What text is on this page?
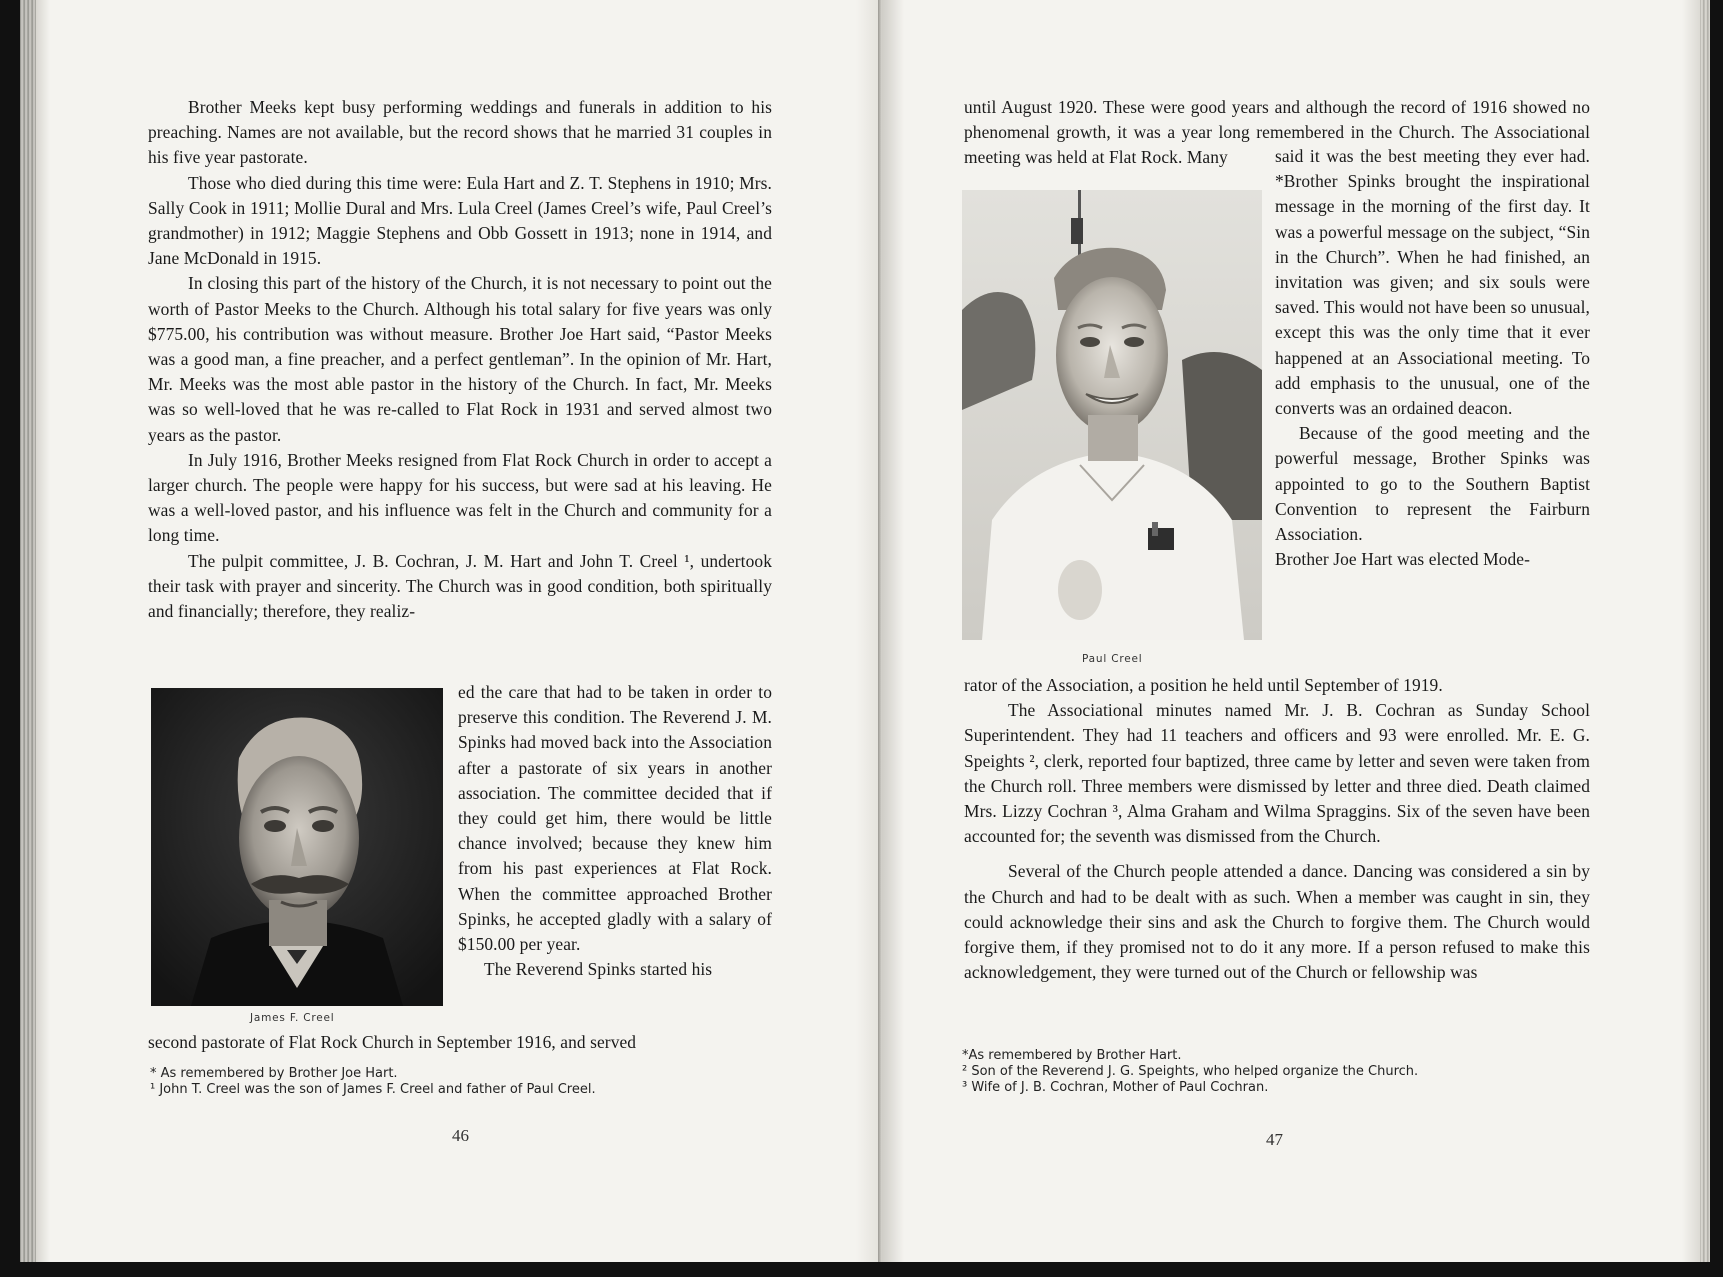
Brother Meeks kept busy performing weddings and funerals in addition to his preaching. Names are not available, but the record shows that he married 31 couples in his five year pastorate.

Those who died during this time were: Eula Hart and Z. T. Stephens in 1910; Mrs. Sally Cook in 1911; Mollie Dural and Mrs. Lula Creel (James Creel’s wife, Paul Creel’s grandmother) in 1912; Maggie Stephens and Obb Gossett in 1913; none in 1914, and Jane McDonald in 1915.

In closing this part of the history of the Church, it is not necessary to point out the worth of Pastor Meeks to the Church. Although his total salary for five years was only $775.00, his contribution was without measure. Brother Joe Hart said, “Pastor Meeks was a good man, a fine preacher, and a perfect gentleman”. In the opinion of Mr. Hart, Mr. Meeks was the most able pastor in the history of the Church. In fact, Mr. Meeks was so well-loved that he was re-called to Flat Rock in 1931 and served almost two years as the pastor.

In July 1916, Brother Meeks resigned from Flat Rock Church in order to accept a larger church. The people were happy for his success, but were sad at his leaving. He was a well-loved pastor, and his influence was felt in the Church and community for a long time.

The pulpit committee, J. B. Cochran, J. M. Hart and John T. Creel ¹, undertook their task with prayer and sincerity. The Church was in good condition, both spiritually and financially; therefore, they realiz-

James F. Creel

ed the care that had to be taken in order to preserve this condition. The Reverend J. M. Spinks had moved back into the Association after a pastorate of six years in another association. The committee decided that if they could get him, there would be little chance involved; because they knew him from his past experiences at Flat Rock. When the committee approached Brother Spinks, he accepted gladly with a salary of $150.00 per year.

The Reverend Spinks started his

second pastorate of Flat Rock Church in September 1916, and served

* As remembered by Brother Joe Hart.
¹ John T. Creel was the son of James F. Creel and father of Paul Creel.
46

until August 1920. These were good years and although the record of 1916 showed no phenomenal growth, it was a year long remembered in the Church. The Associational meeting was held at Flat Rock. Many

Paul Creel

said it was the best meeting they ever had. *Brother Spinks brought the inspirational message in the morning of the first day. It was a powerful message on the subject, “Sin in the Church”. When he had finished, an invitation was given; and six souls were saved. This would not have been so unusual, except this was the only time that it ever happened at an Associational meeting. To add emphasis to the unusual, one of the converts was an ordained deacon.

Because of the good meeting and the powerful message, Brother Spinks was appointed to go to the Southern Baptist Convention to represent the Fairburn Association.

Brother Joe Hart was elected Mode-

rator of the Association, a position he held until September of 1919.

The Associational minutes named Mr. J. B. Cochran as Sunday School Superintendent. They had 11 teachers and officers and 93 were enrolled. Mr. E. G. Speights ², clerk, reported four baptized, three came by letter and seven were taken from the Church roll. Three members were dismissed by letter and three died. Death claimed Mrs. Lizzy Cochran ³, Alma Graham and Wilma Spraggins. Six of the seven have been accounted for; the seventh was dismissed from the Church.

Several of the Church people attended a dance. Dancing was considered a sin by the Church and had to be dealt with as such. When a member was caught in sin, they could acknowledge their sins and ask the Church to forgive them. The Church would forgive them, if they promised not to do it any more. If a person refused to make this acknowledgement, they were turned out of the Church or fellowship was

*As remembered by Brother Hart.
² Son of the Reverend J. G. Speights, who helped organize the Church.
³ Wife of J. B. Cochran, Mother of Paul Cochran.
47
